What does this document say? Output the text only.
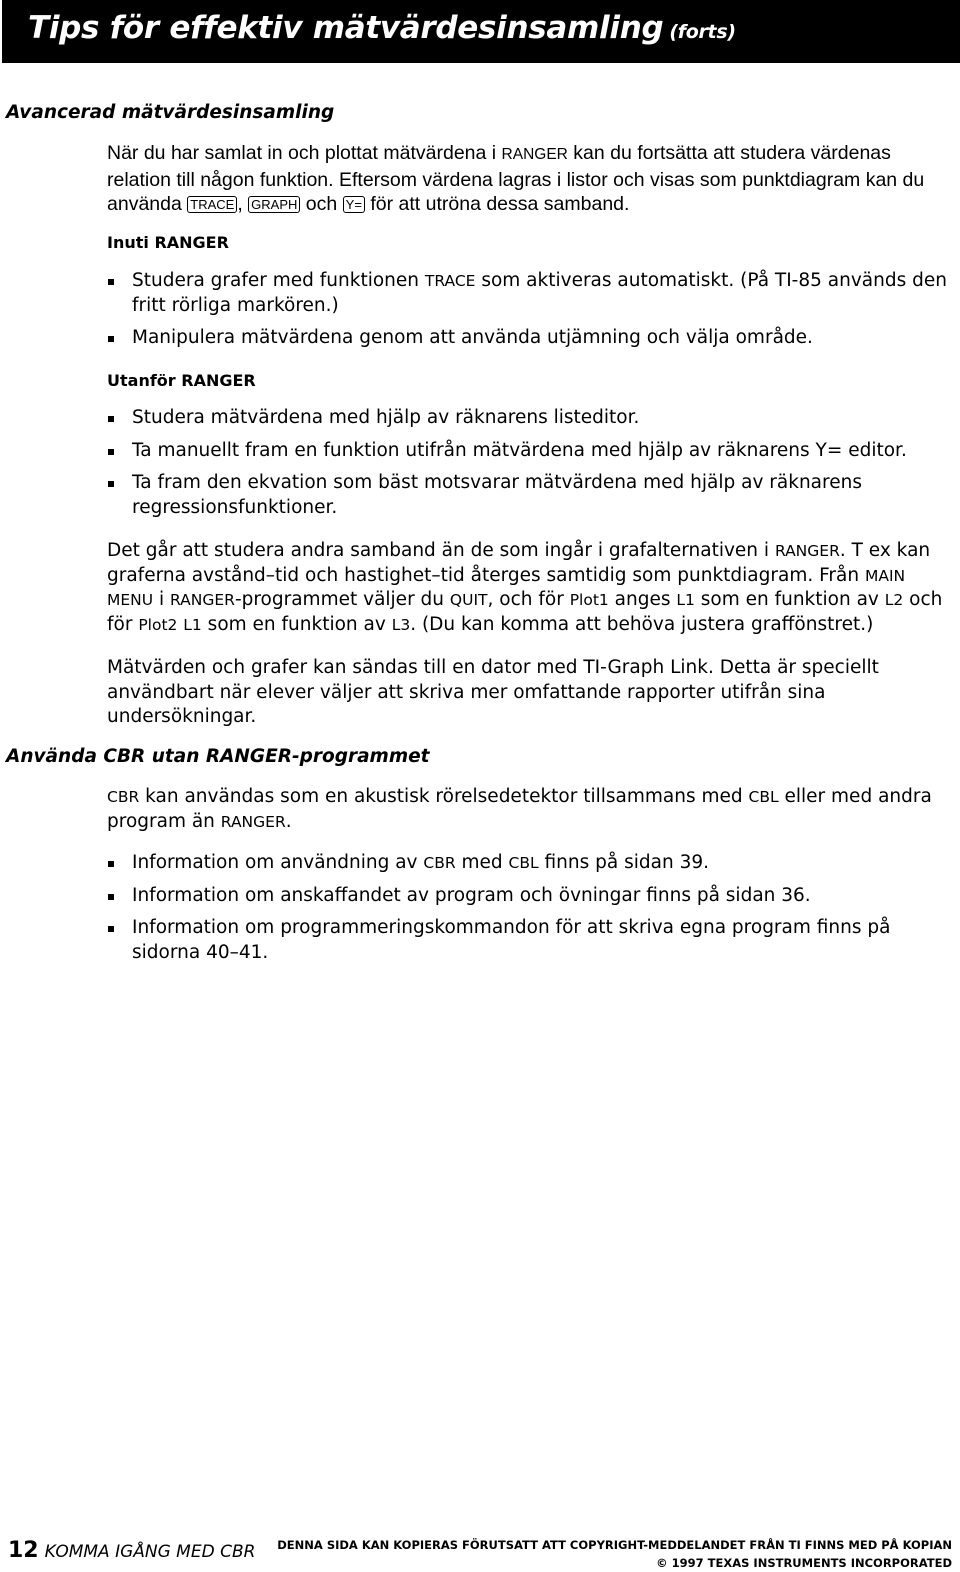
Tips för effektiv mätvärdesinsamling (forts)
Avancerad mätvärdesinsamling
När du har samlat in och plottat mätvärdena i RANGER kan du fortsätta att studera värdenas relation till någon funktion. Eftersom värdena lagras i listor och visas som punktdiagram kan du använda TRACE , GRAPH och Y= för att utröna dessa samband.
Inuti RANGER
Studera grafer med funktionen TRACE som aktiveras automatiskt. (På TI-85 används den fritt rörliga markören.)
Manipulera mätvärdena genom att använda utjämning och välja område.
Utanför RANGER
Studera mätvärdena med hjälp av räknarens listeditor.
Ta manuellt fram en funktion utifrån mätvärdena med hjälp av räknarens Y= editor.
Ta fram den ekvation som bäst motsvarar mätvärdena med hjälp av räknarens regressionsfunktioner.
Det går att studera andra samband än de som ingår i grafalternativen i RANGER. T ex kan graferna avstånd–tid och hastighet–tid återges samtidig som punktdiagram. Från MAIN MENU i RANGER-programmet väljer du QUIT, och för Plot1 anges L1 som en funktion av L2 och för Plot2 L1 som en funktion av L3. (Du kan komma att behöva justera graffönstret.)
Mätvärden och grafer kan sändas till en dator med TI-Graph Link. Detta är speciellt användbart när elever väljer att skriva mer omfattande rapporter utifrån sina undersökningar.
Använda CBR utan RANGER-programmet
CBR kan användas som en akustisk rörelsedetektor tillsammans med CBL eller med andra program än RANGER.
Information om användning av CBR med CBL finns på sidan 39.
Information om anskaffandet av program och övningar finns på sidan 36.
Information om programmeringskommandon för att skriva egna program finns på sidorna 40–41.
12 KOMMA IGÅNG MED CBR DENNA SIDA KAN KOPIERAS FÖRUTSATT ATT COPYRIGHT-MEDDELANDET FRÅN TI FINNS MED PÅ KOPIAN
© 1997 TEXAS INSTRUMENTS INCORPORATED
